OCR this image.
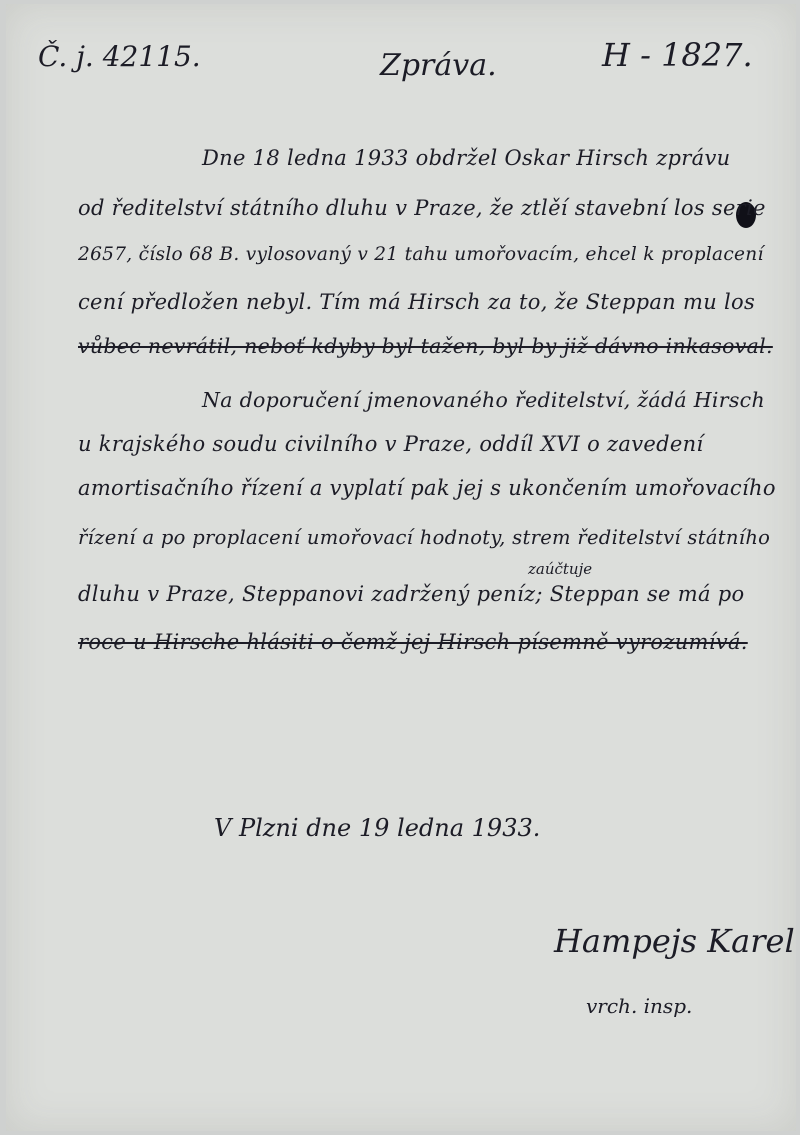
Č. j. 42115.	Zpráva.	H - 1827.
Dne 18 ledna 1933 obdržel Oskar Hirsch zprávu
od ředitelství státního dluhu v Praze, že ztlěí stavební los serie
2657, číslo 68 B. vylosovaný v 21 tahu umořovacím, ehcel k proplacení
cení předložen nebyl. Tím má Hirsch za to, že Steppan mu los
vůbec nevrátil, neboť kdyby byl tažen, byl by již dávno inkasoval.
Na doporučení jmenovaného ředitelství, žádá Hirsch
u krajského soudu civilního v Praze, oddíl XVI o zavedení
amortisačního řízení a vyplatí pak jej s ukončením umořovacího
řízení a po proplacení umořovací hodnoty, strem ředitelství státního
zaúčtuje
dluhu v Praze, Steppanovi zadržený peníz; Steppan se má po
roce u Hirsche hlásiti o čemž jej Hirsch písemně vyrozumívá.
V Plzni dne 19 ledna 1933.
Hampejs Karel
vrch. insp.
